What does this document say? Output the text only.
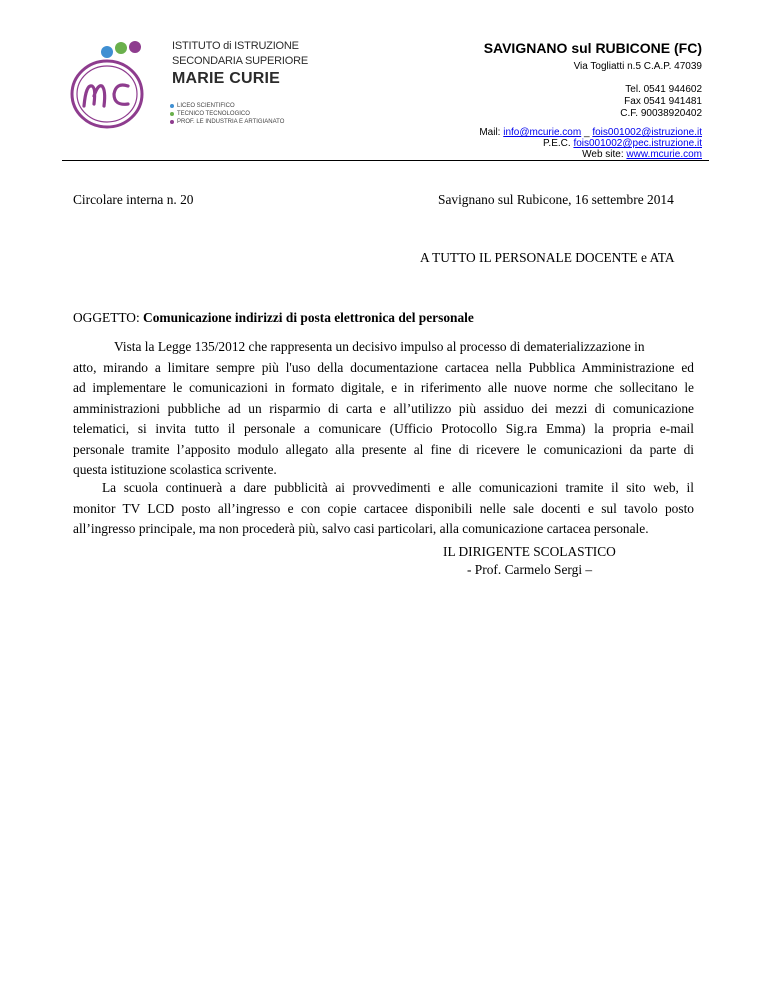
ISTITUTO di ISTRUZIONE
SECONDARIA SUPERIORE
MARIE CURIE
LICEO SCIENTIFICO
TECNICO TECNOLOGICO
PROF. LE INDUSTRIA E ARTIGIANATO
SAVIGNANO sul RUBICONE (FC)
Via Togliatti n.5 C.A.P. 47039
Tel. 0541 944602
Fax 0541 941481
C.F. 90038920402
Mail: info@mcurie.com _ fois001002@istruzione.it
P.E.C. fois001002@pec.istruzione.it
Web site: www.mcurie.com
Circolare interna n. 20	Savignano sul Rubicone, 16 settembre 2014
A TUTTO IL PERSONALE DOCENTE e ATA
OGGETTO: Comunicazione indirizzi di posta elettronica del personale
Vista la Legge 135/2012 che rappresenta un decisivo impulso al processo di dematerializzazione in
atto, mirando a limitare sempre più l'uso della documentazione cartacea nella Pubblica Amministrazione ed
ad implementare le comunicazioni in formato digitale, e in riferimento alle nuove norme che sollecitano le
amministrazioni pubbliche ad un risparmio di carta e all’utilizzo più assiduo dei mezzi di comunicazione
telematici, si invita tutto il personale a comunicare (Ufficio Protocollo Sig.ra Emma) la propria e-mail
personale tramite l’apposito modulo allegato alla presente al fine di ricevere le comunicazioni da parte di
questa istituzione scolastica scrivente.
La scuola continuerà a dare pubblicità ai provvedimenti e alle comunicazioni tramite il sito web, il
monitor TV LCD posto all’ingresso e con copie cartacee disponibili nelle sale docenti e sul tavolo posto
all’ingresso principale, ma non procederà più, salvo casi particolari, alla comunicazione cartacea personale.
IL DIRIGENTE SCOLASTICO
- Prof. Carmelo Sergi –
